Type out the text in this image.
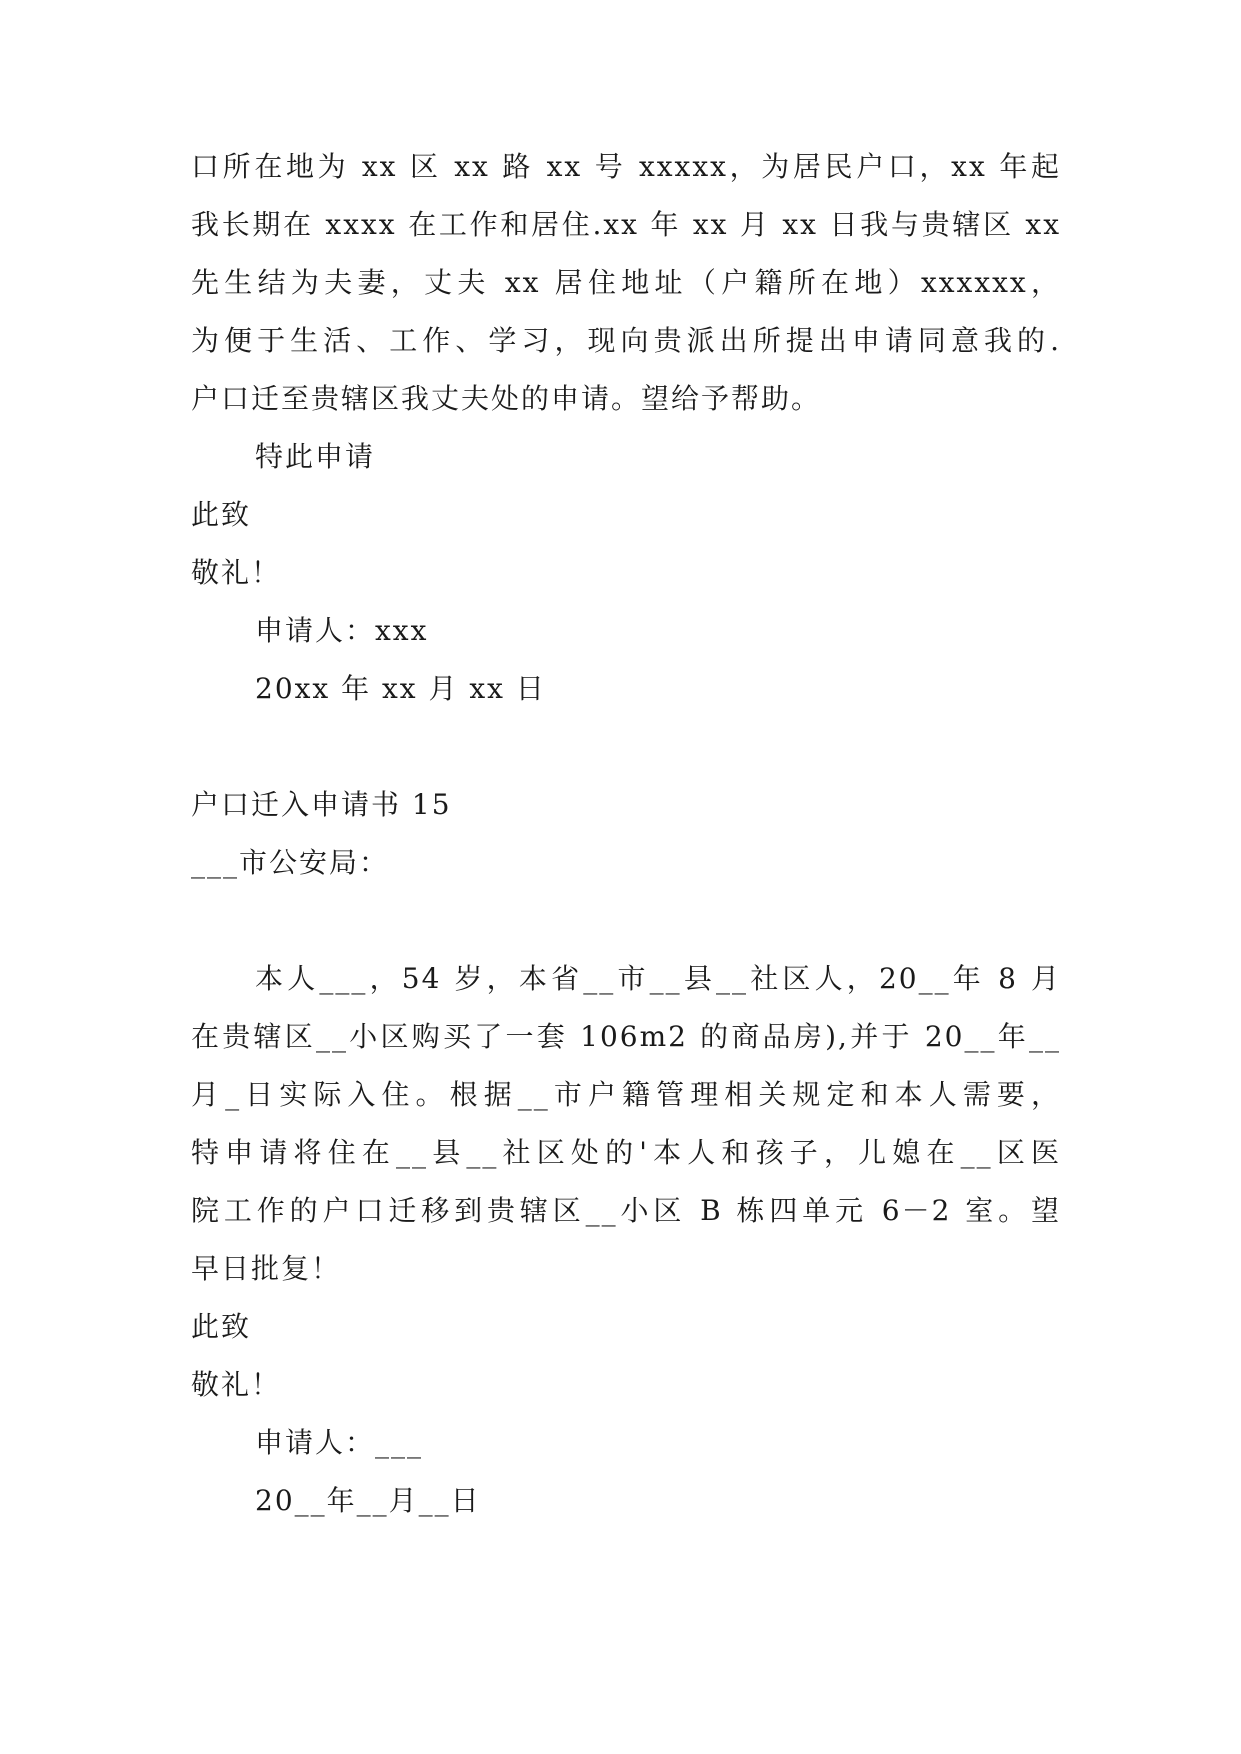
口所在地为 xx 区 xx 路 xx 号 xxxxx，为居民户口，xx 年起
我长期在 xxxx 在工作和居住.xx 年 xx 月 xx 日我与贵辖区 xx
先生结为夫妻，丈夫 xx 居住地址（户籍所在地）xxxxxx，
为便于生活、工作、学习，现向贵派出所提出申请同意我的.
户口迁至贵辖区我丈夫处的申请。望给予帮助。
特此申请
此致
敬礼！
申请人：xxx
20xx 年 xx 月 xx 日
户口迁入申请书 15
___市公安局：
本人___，54 岁，本省__市__县__社区人，20__年 8 月
在贵辖区__小区购买了一套 106m2 的商品房),并于 20__年__
月_日实际入住。根据__市户籍管理相关规定和本人需要，
特申请将住在__县__社区处的'本人和孩子，儿媳在__区医
院工作的户口迁移到贵辖区__小区 B 栋四单元 6－2 室。望
早日批复！
此致
敬礼！
申请人：___
20__年__月__日
